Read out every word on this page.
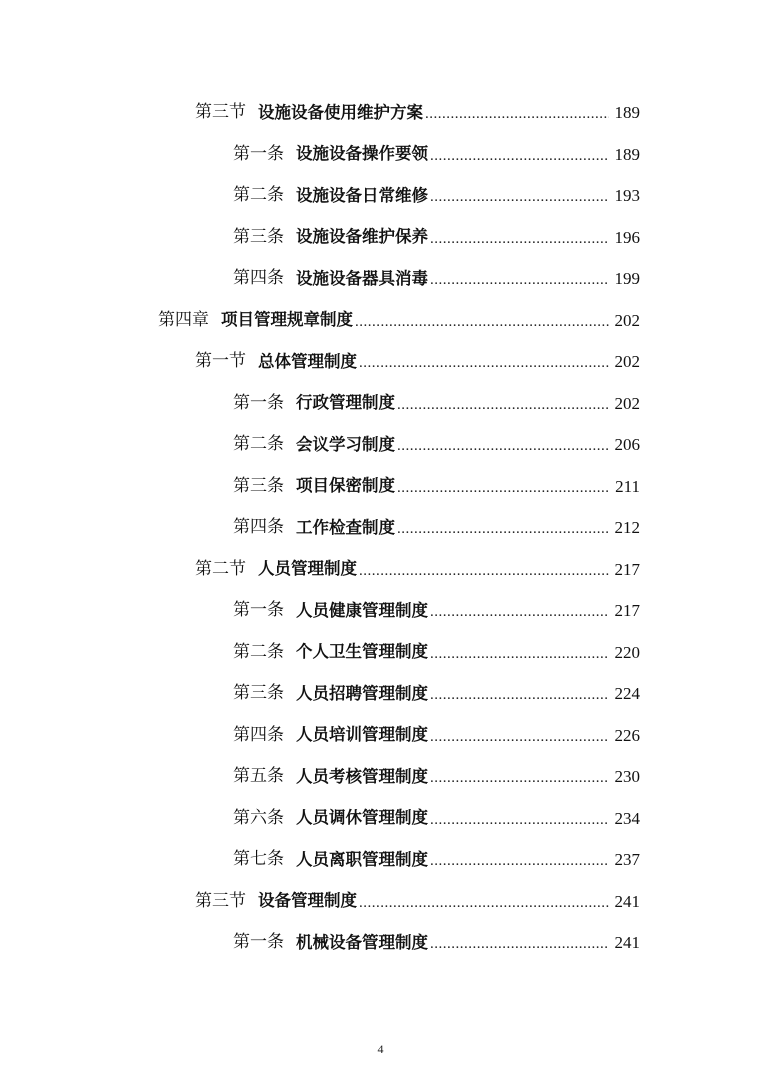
第三节 设施设备使用维护方案 .....	189
第一条 设施设备操作要领 .....	189
第二条 设施设备日常维修 .....	193
第三条 设施设备维护保养 .....	196
第四条 设施设备器具消毒 .....	199
第四章 项目管理规章制度 .....	202
第一节 总体管理制度 .....	202
第一条 行政管理制度 .....	202
第二条 会议学习制度 .....	206
第三条 项目保密制度 .....	211
第四条 工作检查制度 .....	212
第二节 人员管理制度 .....	217
第一条 人员健康管理制度 .....	217
第二条 个人卫生管理制度 .....	220
第三条 人员招聘管理制度 .....	224
第四条 人员培训管理制度 .....	226
第五条 人员考核管理制度 .....	230
第六条 人员调休管理制度 .....	234
第七条 人员离职管理制度 .....	237
第三节 设备管理制度 .....	241
第一条 机械设备管理制度 .....	241
4
